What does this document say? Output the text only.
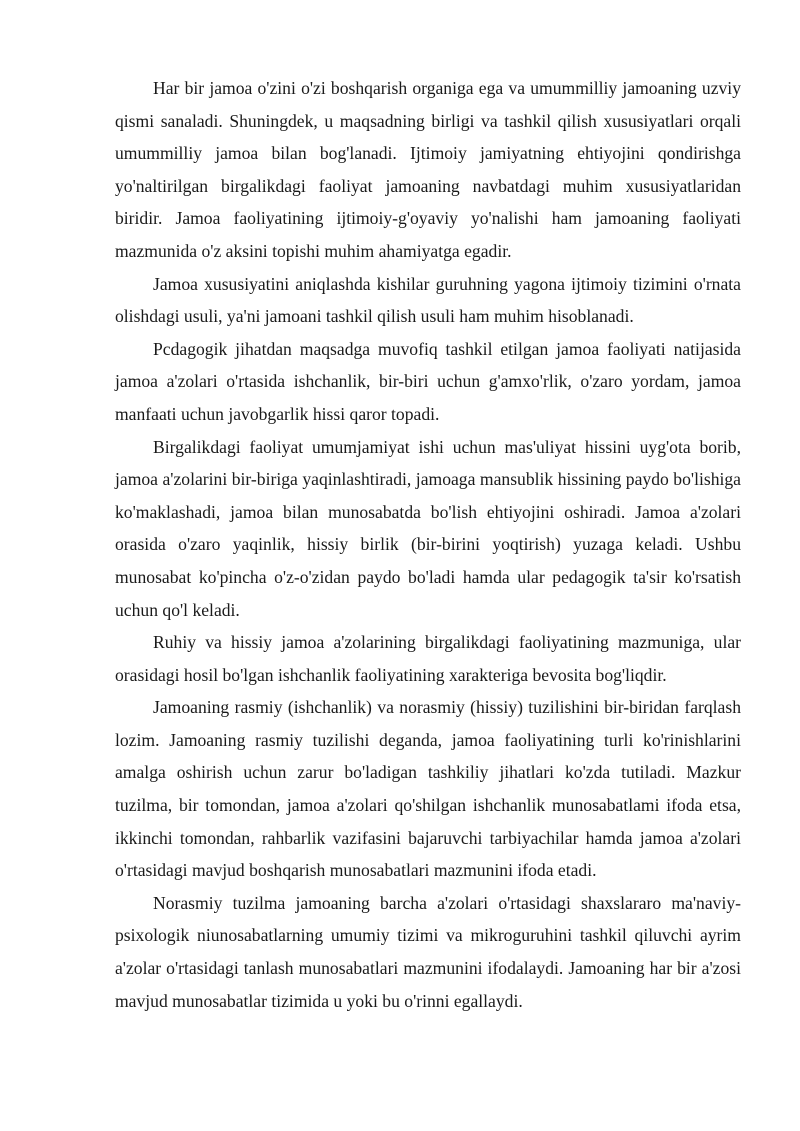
Har bir jamoa o'zini o'zi boshqarish organiga ega va umummilliy jamoaning uzviy qismi sanaladi. Shuningdek, u maqsadning birligi va tashkil qilish xususiyatlari orqali umummilliy jamoa bilan bog'lanadi. Ijtimoiy jamiyatning ehtiyojini qondirishga yo'naltirilgan birgalikdagi faoliyat jamoaning navbatdagi muhim xususiyatlaridan biridir. Jamoa faoliyatining ijtimoiy-g'oyaviy yo'nalishi ham jamoaning faoliyati mazmunida o'z aksini topishi muhim ahamiyatga egadir.

Jamoa xususiyatini aniqlashda kishilar guruhning yagona ijtimoiy tizimini o'rnata olishdagi usuli, ya'ni jamoani tashkil qilish usuli ham muhim hisoblanadi.

Pcdagogik jihatdan maqsadga muvofiq tashkil etilgan jamoa faoliyati natijasida jamoa a'zolari o'rtasida ishchanlik, bir-biri uchun g'amxo'rlik, o'zaro yordam, jamoa manfaati uchun javobgarlik hissi qaror topadi.

Birgalikdagi faoliyat umumjamiyat ishi uchun mas'uliyat hissini uyg'ota borib, jamoa a'zolarini bir-biriga yaqinlashtiradi, jamoaga mansublik hissining paydo bo'lishiga ko'maklashadi, jamoa bilan munosabatda bo'lish ehtiyojini oshiradi. Jamoa a'zolari orasida o'zaro yaqinlik, hissiy birlik (bir-birini yoqtirish) yuzaga keladi. Ushbu munosabat ko'pincha o'z-o'zidan paydo bo'ladi hamda ular pedagogik ta'sir ko'rsatish uchun qo'l keladi.

Ruhiy va hissiy jamoa a'zolarining birgalikdagi faoliyatining mazmuniga, ular orasidagi hosil bo'lgan ishchanlik faoliyatining xarakteriga bevosita bog'liqdir.

Jamoaning rasmiy (ishchanlik) va norasmiy (hissiy) tuzilishini bir-biridan farqlash lozim. Jamoaning rasmiy tuzilishi deganda, jamoa faoliyatining turli ko'rinishlarini amalga oshirish uchun zarur bo'ladigan tashkiliy jihatlari ko'zda tutiladi. Mazkur tuzilma, bir tomondan, jamoa a'zolari qo'shilgan ishchanlik munosabatlami ifoda etsa, ikkinchi tomondan, rahbarlik vazifasini bajaruvchi tarbiyachilar hamda jamoa a'zolari o'rtasidagi mavjud boshqarish munosabatlari mazmunini ifoda etadi.

Norasmiy tuzilma jamoaning barcha a'zolari o'rtasidagi shaxslararo ma'naviy-psixologik niunosabatlarning umumiy tizimi va mikroguruhini tashkil qiluvchi ayrim a'zolar o'rtasidagi tanlash munosabatlari mazmunini ifodalaydi. Jamoaning har bir a'zosi mavjud munosabatlar tizimida u yoki bu o'rinni egallaydi.
